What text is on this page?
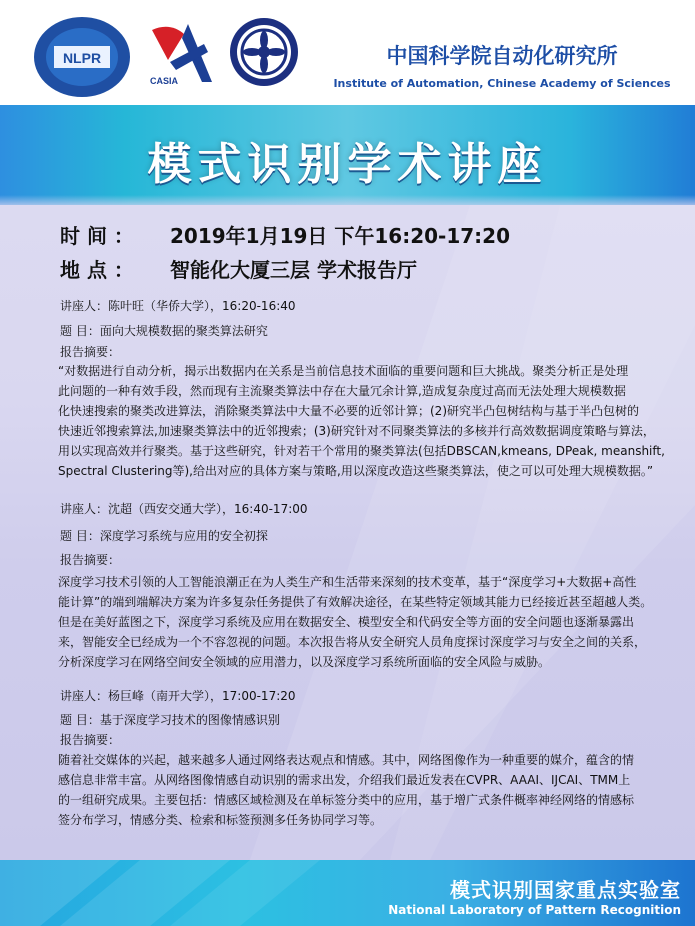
NLPR
CASIA
中国科学院自动化研究所
Institute of Automation, Chinese Academy of Sciences
模式识别学术讲座
时 间 ： 2019年1月19日 下午16:20-17:20
地 点 ： 智能化大厦三层 学术报告厅
讲座人：陈叶旺（华侨大学），16:20-16:40
题 目：面向大规模数据的聚类算法研究
报告摘要：
“对数据进行自动分析，揭示出数据内在关系是当前信息技术面临的重要问题和巨大挑战。聚类分析正是处理
此问题的一种有效手段，然而现有主流聚类算法中存在大量冗余计算,造成复杂度过高而无法处理大规模数据
化快速搜索的聚类改进算法，消除聚类算法中大量不必要的近邻计算；(2)研究半凸包树结构与基于半凸包树的
快速近邻搜索算法,加速聚类算法中的近邻搜索；(3)研究针对不同聚类算法的多核并行高效数据调度策略与算法，
用以实现高效并行聚类。基于这些研究，针对若干个常用的聚类算法(包括DBSCAN,kmeans, DPeak, meanshift,
Spectral Clustering等),给出对应的具体方案与策略,用以深度改造这些聚类算法，使之可以可处理大规模数据。”
讲座人：沈超（西安交通大学），16:40-17:00
题 目：深度学习系统与应用的安全初探
报告摘要：
深度学习技术引领的人工智能浪潮正在为人类生产和生活带来深刻的技术变革，基于“深度学习+大数据+高性
能计算”的端到端解决方案为许多复杂任务提供了有效解决途径，在某些特定领域其能力已经接近甚至超越人类。
但是在美好蓝图之下，深度学习系统及应用在数据安全、模型安全和代码安全等方面的安全问题也逐渐暴露出
来，智能安全已经成为一个不容忽视的问题。本次报告将从安全研究人员角度探讨深度学习与安全之间的关系，
分析深度学习在网络空间安全领域的应用潜力，以及深度学习系统所面临的安全风险与威胁。
讲座人：杨巨峰（南开大学），17:00-17:20
题 目：基于深度学习技术的图像情感识别
报告摘要：
随着社交媒体的兴起，越来越多人通过网络表达观点和情感。其中，网络图像作为一种重要的媒介，蕴含的情
感信息非常丰富。从网络图像情感自动识别的需求出发，介绍我们最近发表在CVPR、AAAI、IJCAI、TMM上
的一组研究成果。主要包括：情感区域检测及在单标签分类中的应用，基于增广式条件概率神经网络的情感标
签分布学习，情感分类、检索和标签预测多任务协同学习等。
模式识别国家重点实验室
National Laboratory of Pattern Recognition
